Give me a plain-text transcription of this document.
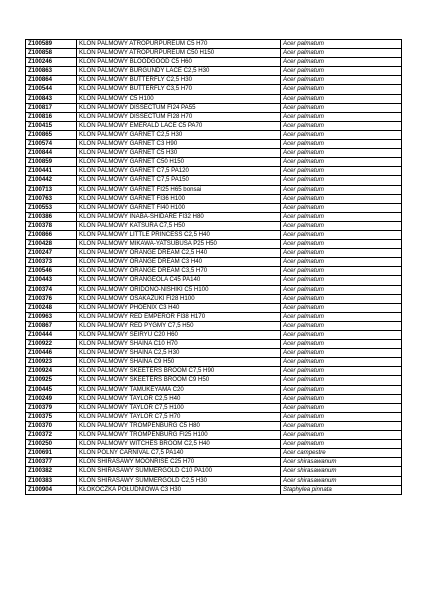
Z100589	KLON PALMOWY ATROPURPUREUM C5 H70	Acer palmatum
Z100858	KLON PALMOWY ATROPURPUREUM C50 H150	Acer palmatum
Z100246	KLON PALMOWY BLOODGOOD C5 H60	Acer palmatum
Z100863	KLON PALMOWY BURGUNDY LACE C2,5 H30	Acer palmatum
Z100864	KLON PALMOWY BUTTERFLY C2,5 H30	Acer palmatum
Z100544	KLON PALMOWY BUTTERFLY C3,5 H70	Acer palmatum
Z100843	KLON PALMOWY C5 H100	Acer palmatum
Z100817	KLON PALMOWY DISSECTUM FI24 PA55	Acer palmatum
Z100816	KLON PALMOWY DISSECTUM FI28 H70	Acer palmatum
Z100415	KLON PALMOWY EMERALD LACE C5 PA70	Acer palmatum
Z100865	KLON PALMOWY GARNET C2,5 H30	Acer palmatum
Z100574	KLON PALMOWY GARNET C3 H90	Acer palmatum
Z100844	KLON PALMOWY GARNET C5 H30	Acer palmatum
Z100859	KLON PALMOWY GARNET C50 H150	Acer palmatum
Z100441	KLON PALMOWY GARNET C7,5 PA120	Acer palmatum
Z100442	KLON PALMOWY GARNET C7,5 PA150	Acer palmatum
Z100713	KLON PALMOWY GARNET FI25 H65 bonsai	Acer palmatum
Z100763	KLON PALMOWY GARNET FI36 H100	Acer palmatum
Z100553	KLON PALMOWY GARNET FI40 H100	Acer palmatum
Z100386	KLON PALMOWY INABA-SHIDARE FI32 H80	Acer palmatum
Z100378	KLON PALMOWY KATSURA C7,5 H50	Acer palmatum
Z100866	KLON PALMOWY LITTLE PRINCESS C2,5 H40	Acer palmatum
Z100428	KLON PALMOWY MIKAWA-YATSUBUSA P25 H50	Acer palmatum
Z100247	KLON PALMOWY ORANGE DREAM C2,5 H40	Acer palmatum
Z100373	KLON PALMOWY ORANGE DREAM C3 H40	Acer palmatum
Z100546	KLON PALMOWY ORANGE DREAM C3,5 H70	Acer palmatum
Z100443	KLON PALMOWY ORANGEOLA C45 PA140	Acer palmatum
Z100374	KLON PALMOWY ORIDONO-NISHIKI C5 H100	Acer palmatum
Z100376	KLON PALMOWY OSAKAZUKI FI28 H100	Acer palmatum
Z100248	KLON PALMOWY PHOENIX C3 H40	Acer palmatum
Z100963	KLON PALMOWY RED EMPEROR FI38 H170	Acer palmatum
Z100867	KLON PALMOWY RED PYGMY C7,5 H50	Acer palmatum
Z100444	KLON PALMOWY SEIRYU C20 H60	Acer palmatum
Z100922	KLON PALMOWY SHAINA C10 H70	Acer palmatum
Z100446	KLON PALMOWY SHAINA C2,5 H30	Acer palmatum
Z100923	KLON PALMOWY SHAINA C9 H50	Acer palmatum
Z100924	KLON PALMOWY SKEETERS BROOM C7,5 H90	Acer palmatum
Z100925	KLON PALMOWY SKEETERS BROOM C9 H50	Acer palmatum
Z100445	KLON PALMOWY TAMUKEYAMA C20	Acer palmatum
Z100249	KLON PALMOWY TAYLOR C2,5 H40	Acer palmatum
Z100379	KLON PALMOWY TAYLOR C7,5 H100	Acer palmatum
Z100375	KLON PALMOWY TAYLOR C7,5 H70	Acer palmatum
Z100370	KLON PALMOWY TROMPENBURG C5 H80	Acer palmatum
Z100372	KLON PALMOWY TROMPENBURG FI25 H100	Acer palmatum
Z100250	KLON PALMOWY WITCHES BROOM C2,5 H40	Acer palmatum
Z100691	KLON POLNY CARNIVAL C7,5 PA140	Acer campestre
Z100377	KLON SHIRASAWY MOONRISE C25 H70	Acer shirasawanum
Z100382	KLON SHIRASAWY SUMMERGOLD C10 PA100	Acer shirasawanum
Z100383	KLON SHIRASAWY SUMMERGOLD C2,5 H30	Acer shirasawanum
Z100904	KŁOKOCZKA POŁUDNIOWA C3 H30	Staphylea pinnata
